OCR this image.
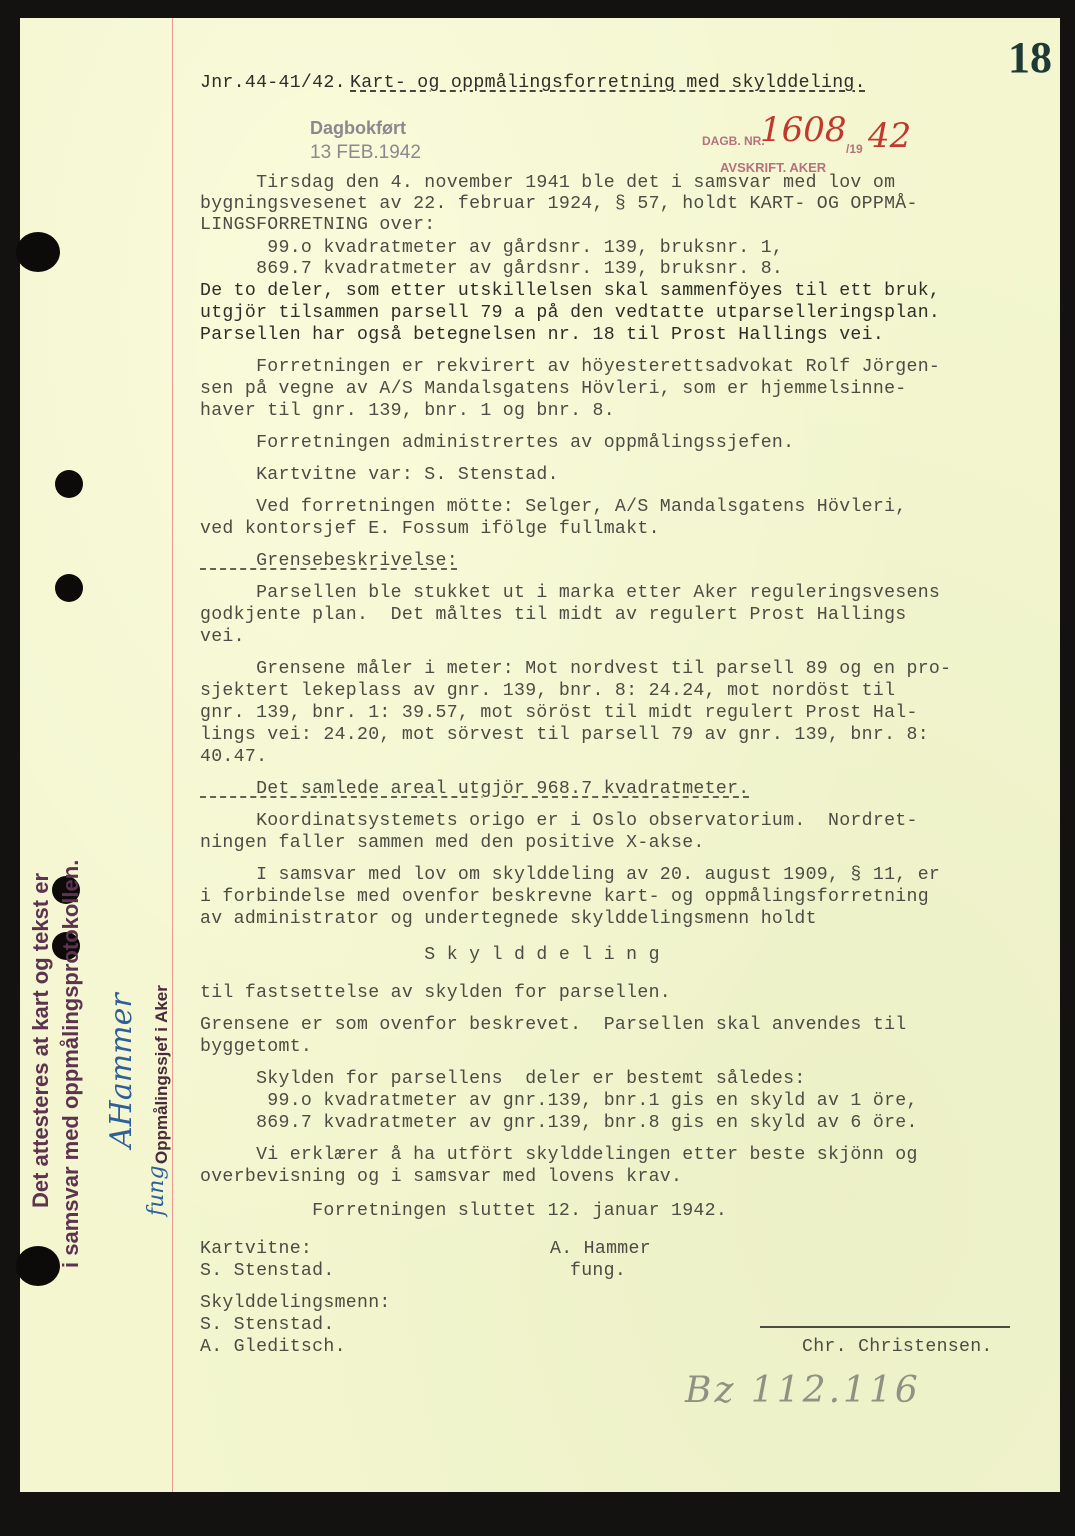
Jnr.44-41/42. Kart- og oppmålingsforretning med skylddeling.
18
Dagbokført
13 FEB.1942
DAGB. NR.
1608 /19 42
AVSKRIFT. AKER
Tirsdag den 4. november 1941 ble det i samsvar med lov om
bygningsvesenet av 22. februar 1924, § 57, holdt KART- OG OPPMÅ-
LINGSFORRETNING over:
99.o kvadratmeter av gårdsnr. 139, bruksnr. 1,
869.7 kvadratmeter av gårdsnr. 139, bruksnr. 8.
De to deler, som etter utskillelsen skal sammenföyes til ett bruk,
utgjör tilsammen parsell 79 a på den vedtatte utparselleringsplan.
Parsellen har også betegnelsen nr. 18 til Prost Hallings vei.
Forretningen er rekvirert av höyesterettsadvokat Rolf Jörgen-
sen på vegne av A/S Mandalsgatens Hövleri, som er hjemmelsinne-
haver til gnr. 139, bnr. 1 og bnr. 8.
Forretningen administrertes av oppmålingssjefen.
Kartvitne var: S. Stenstad.
Ved forretningen mötte: Selger, A/S Mandalsgatens Hövleri,
ved kontorsjef E. Fossum ifölge fullmakt.
Grensebeskrivelse:
Parsellen ble stukket ut i marka etter Aker reguleringsvesens
godkjente plan.  Det måltes til midt av regulert Prost Hallings
vei.
Grensene måler i meter: Mot nordvest til parsell 89 og en pro-
sjektert lekeplass av gnr. 139, bnr. 8: 24.24, mot nordöst til
gnr. 139, bnr. 1: 39.57, mot söröst til midt regulert Prost Hal-
lings vei: 24.20, mot sörvest til parsell 79 av gnr. 139, bnr. 8:
40.47.
Det samlede areal utgjör 968.7 kvadratmeter.
Koordinatsystemets origo er i Oslo observatorium.  Nordret-
ningen faller sammen med den positive X-akse.
I samsvar med lov om skylddeling av 20. august 1909, § 11, er
i forbindelse med ovenfor beskrevne kart- og oppmålingsforretning
av administrator og undertegnede skylddelingsmenn holdt
S k y l d d e l i n g
til fastsettelse av skylden for parsellen.
Grensene er som ovenfor beskrevet.  Parsellen skal anvendes til
byggetomt.
Skylden for parsellens  deler er bestemt således:
99.o kvadratmeter av gnr.139, bnr.1 gis en skyld av 1 öre,
869.7 kvadratmeter av gnr.139, bnr.8 gis en skyld av 6 öre.
Vi erklærer å ha utfört skylddelingen etter beste skjönn og
overbevisning og i samsvar med lovens krav.
Forretningen sluttet 12. januar 1942.
Kartvitne:
S. Stenstad.
Skylddelingsmenn:
S. Stenstad.
A. Gleditsch.
A. Hammer
fung.
Chr. Christensen.
Bz 112.116
Det attesteres at kart og tekst er i samsvar med oppmålingsprotokollen. AHammer
fung.
Oppmålingssjef i Aker
